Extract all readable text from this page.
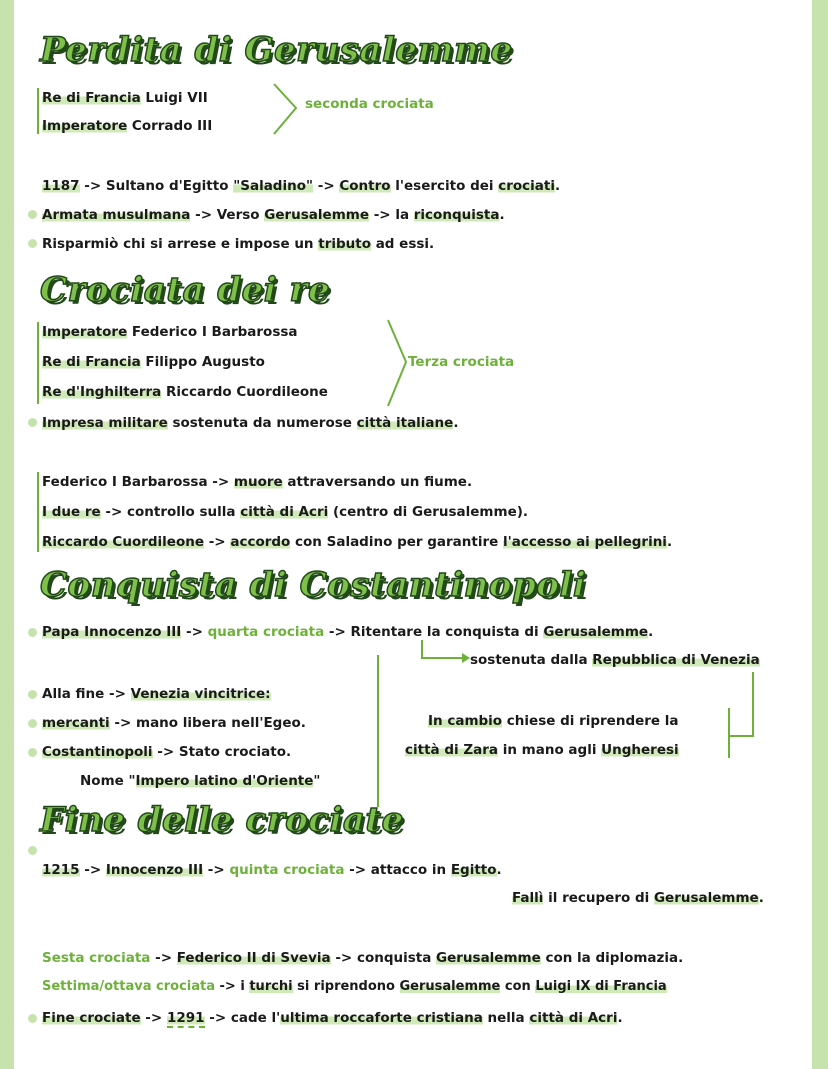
Perdita di Gerusalemme
Re di Francia Luigi VII
Imperatore Corrado III
seconda crociata
1187 -> Sultano d'Egitto "Saladino" -> Contro l'esercito dei crociati.
Armata musulmana -> Verso Gerusalemme -> la riconquista.
Risparmiò chi si arrese e impose un tributo ad essi.
Crociata dei re
Imperatore Federico I Barbarossa
Re di Francia Filippo Augusto
Re d'Inghilterra Riccardo Cuordileone
Terza crociata
Impresa militare sostenuta da numerose città italiane.
Federico I Barbarossa -> muore attraversando un fiume.
I due re -> controllo sulla città di Acri (centro di Gerusalemme).
Riccardo Cuordileone -> accordo con Saladino per garantire l'accesso ai pellegrini.
Conquista di Costantinopoli
Papa Innocenzo III -> quarta crociata -> Ritentare la conquista di Gerusalemme.
sostenuta dalla Repubblica di Venezia
Alla fine -> Venezia vincitrice:
mercanti -> mano libera nell'Egeo.
Costantinopoli -> Stato crociato.
Nome "Impero latino d'Oriente"
In cambio chiese di riprendere la
città di Zara in mano agli Ungheresi
Fine delle crociate
1215 -> Innocenzo III -> quinta crociata -> attacco in Egitto.
Fallì il recupero di Gerusalemme.
Sesta crociata -> Federico II di Svevia -> conquista Gerusalemme con la diplomazia.
Settima/ottava crociata -> i turchi si riprendono Gerusalemme con Luigi IX di Francia
Fine crociate -> 1291 -> cade l'ultima roccaforte cristiana nella città di Acri.
